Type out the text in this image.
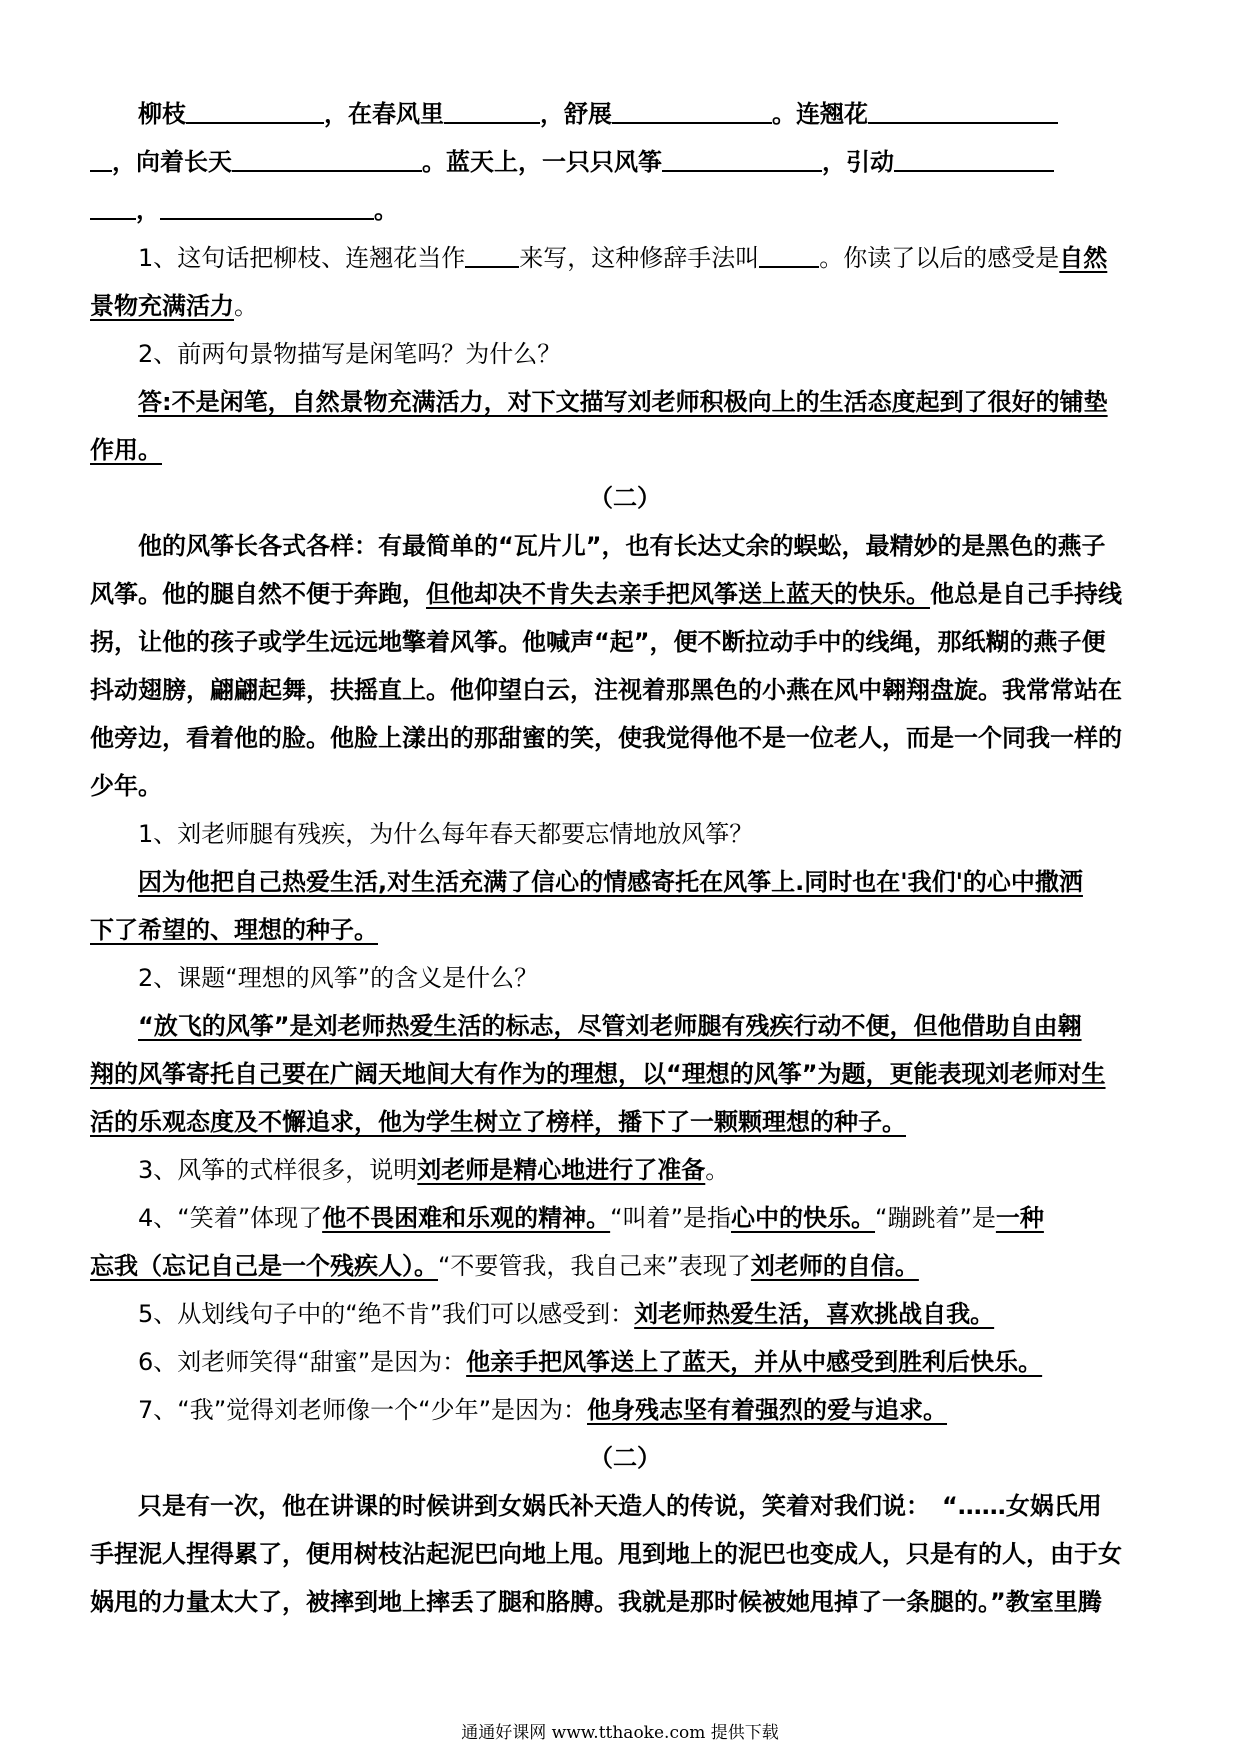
柳枝	，在春风里	，舒展	。连翘花
，向着长天	。蓝天上，一只只风筝	，引动
，	。
1、这句话把柳枝、连翘花当作 来写，这种修辞手法叫	。你读了以后的感受是自然
景物充满活力。
2、前两句景物描写是闲笔吗？为什么？
答:不是闲笔，自然景物充满活力，对下文描写刘老师积极向上的生活态度起到了很好的铺垫
作用。
（二）
他的风筝长各式各样：有最简单的“瓦片儿”，也有长达丈余的蜈蚣，最精妙的是黑色的燕子
风筝。他的腿自然不便于奔跑，但他却决不肯失去亲手把风筝送上蓝天的快乐。他总是自己手持线
拐，让他的孩子或学生远远地擎着风筝。他喊声“起”，便不断拉动手中的线绳，那纸糊的燕子便
抖动翅膀，翩翩起舞，扶摇直上。他仰望白云，注视着那黑色的小燕在风中翱翔盘旋。我常常站在
他旁边，看着他的脸。他脸上漾出的那甜蜜的笑，使我觉得他不是一位老人，而是一个同我一样的
少年。
1、刘老师腿有残疾，为什么每年春天都要忘情地放风筝？
因为他把自己热爱生活,对生活充满了信心的情感寄托在风筝上.同时也在'我们'的心中撒洒
下了希望的、理想的种子。
2、课题“理想的风筝”的含义是什么？
“放飞的风筝”是刘老师热爱生活的标志，尽管刘老师腿有残疾行动不便，但他借助自由翱
翔的风筝寄托自己要在广阔天地间大有作为的理想，以“理想的风筝”为题，更能表现刘老师对生
活的乐观态度及不懈追求，他为学生树立了榜样，播下了一颗颗理想的种子。
3、风筝的式样很多，说明刘老师是精心地进行了准备。
4、“笑着”体现了他不畏困难和乐观的精神。“叫着”是指心中的快乐。“蹦跳着”是一种
忘我（忘记自己是一个残疾人）。“不要管我，我自己来”表现了刘老师的自信。
5、从划线句子中的“绝不肯”我们可以感受到：刘老师热爱生活，喜欢挑战自我。
6、刘老师笑得“甜蜜”是因为：他亲手把风筝送上了蓝天，并从中感受到胜利后快乐。
7、“我”觉得刘老师像一个“少年”是因为：他身残志坚有着强烈的爱与追求。
（二）
只是有一次，他在讲课的时候讲到女娲氏补天造人的传说，笑着对我们说：　“……女娲氏用
手捏泥人捏得累了，便用树枝沾起泥巴向地上甩。甩到地上的泥巴也变成人，只是有的人，由于女
娲甩的力量太大了，被摔到地上摔丢了腿和胳膊。我就是那时候被她甩掉了一条腿的。”教室里腾
通通好课网 www.tthaoke.com 提供下载
